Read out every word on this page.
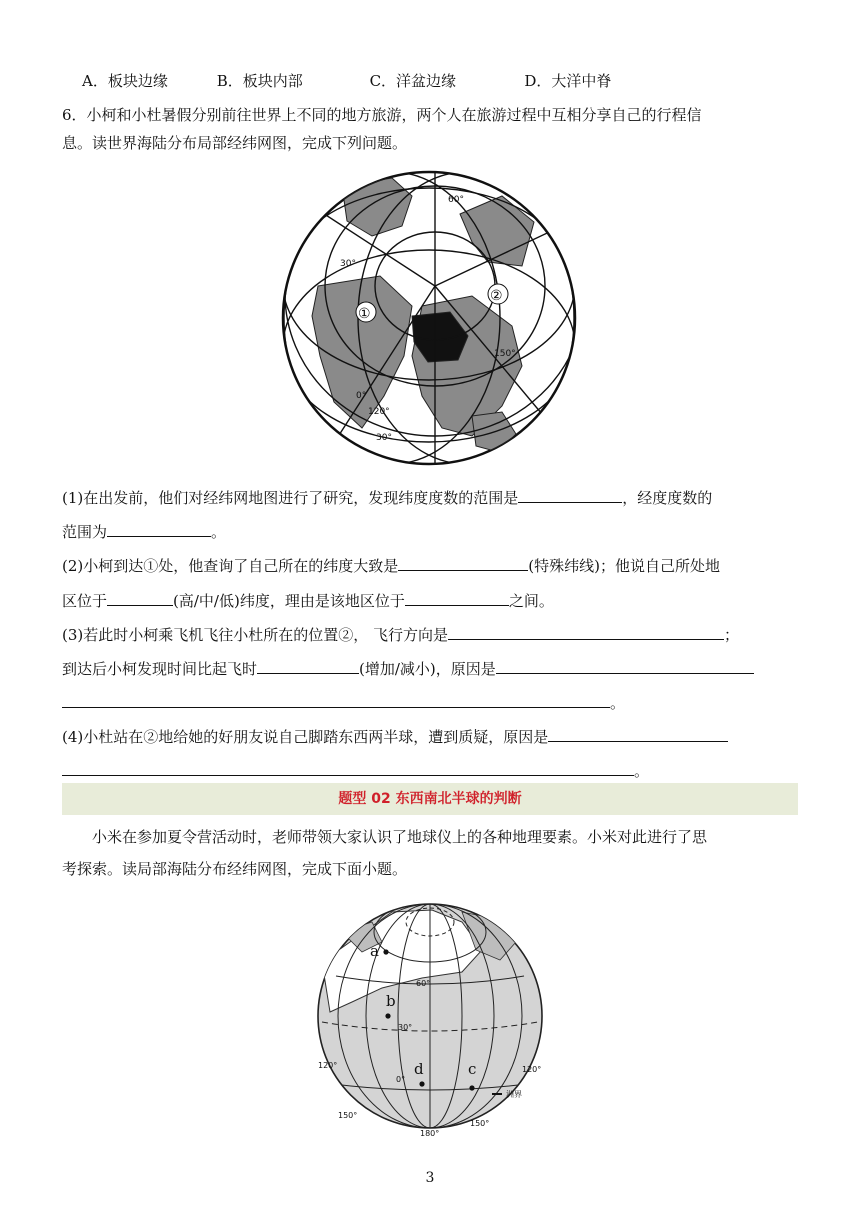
A．板块边缘	B．板块内部	C．洋盆边缘	D．大洋中脊
6．小柯和小杜暑假分别前往世界上不同的地方旅游，两个人在旅游过程中互相分享自己的行程信
息。读世界海陆分布局部经纬网图，完成下列问题。
60°
30°
0°
150°
120°
30°
①
②
(1)在出发前，他们对经纬网地图进行了研究，发现纬度度数的范围是	，经度度数的
范围为	。
(2)小柯到达①处，他查询了自己所在的纬度大致是	(特殊纬线)；他说自己所处地
区位于	(高/中/低)纬度，理由是该地区位于	之间。
(3)若此时小柯乘飞机飞往小杜所在的位置②， 飞行方向是	；
到达后小柯发现时间比起飞时	(增加/减小)，原因是
。
(4)小杜站在②地给她的好朋友说自己脚踏东西两半球，遭到质疑，原因是
。
题型 02 东西南北半球的判断
小米在参加夏令营活动时，老师带领大家认识了地球仪上的各种地理要素。小米对此进行了思
考探索。读局部海陆分布经纬网图，完成下面小题。
a
b
c
d
60°
30°
0°
120°
150°
180°
150°
120°
洲界
3
